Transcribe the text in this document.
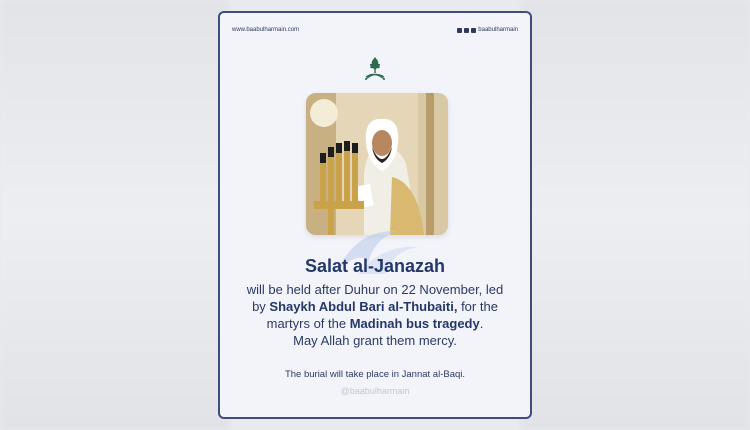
www.baabulharmain.com	baabulharmain
Salat al-Janazah
will be held after Duhur on 22 November, led
by Shaykh Abdul Bari al-Thubaiti, for the
martyrs of the Madinah bus tragedy.
May Allah grant them mercy.
The burial will take place in Jannat al-Baqi.
@baabulharmain
